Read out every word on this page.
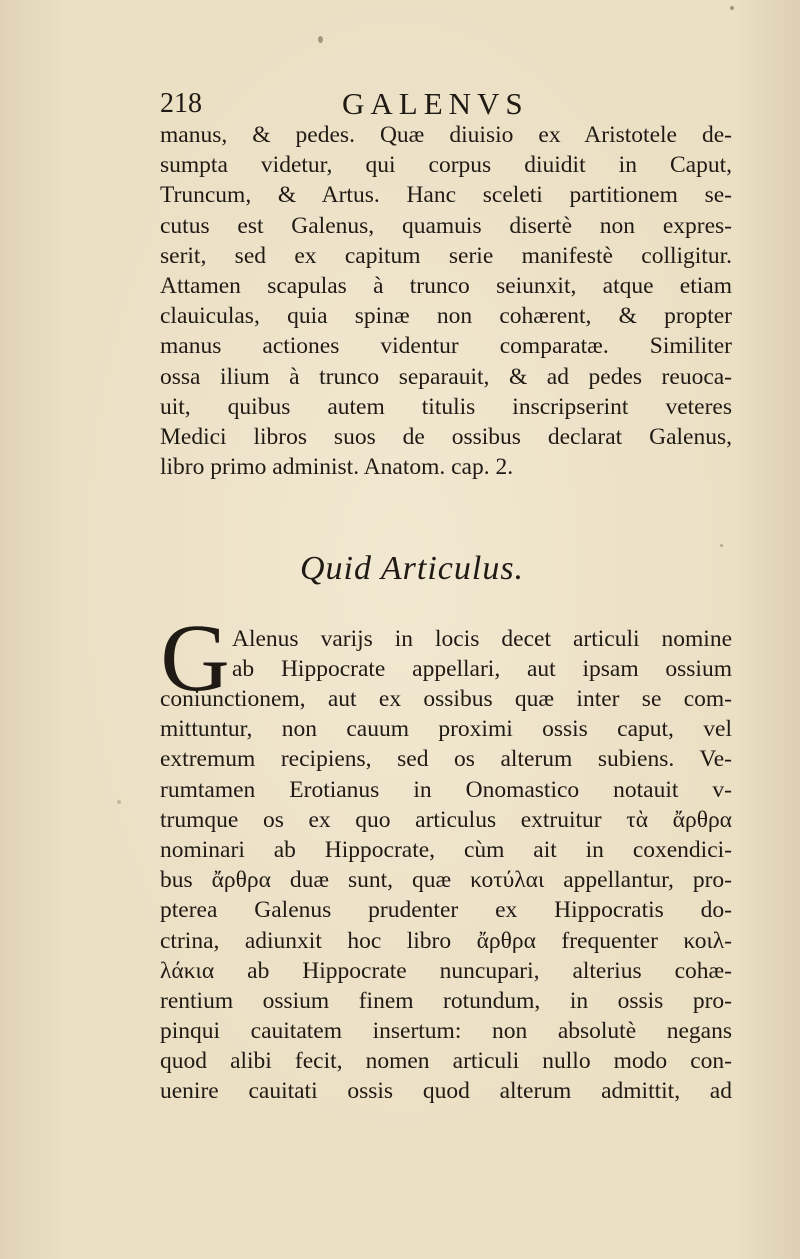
218	GALENVS
manus, & pedes. Quæ diuisio ex Aristotele de-
sumpta videtur, qui corpus diuidit in Caput,
Truncum, & Artus. Hanc sceleti partitionem se-
cutus est Galenus, quamuis disertè non expres-
serit, sed ex capitum serie manifestè colligitur.
Attamen scapulas à trunco seiunxit, atque etiam
clauiculas, quia spinæ non cohærent, & propter
manus actiones videntur comparatæ. Similiter
ossa ilium à trunco separauit, & ad pedes reuoca-
uit, quibus autem titulis inscripserint veteres
Medici libros suos de ossibus declarat Galenus,
libro primo administ. Anatom. cap. 2.
Quid Articulus.
G Alenus varijs in locis decet articuli nomine
ab Hippocrate appellari, aut ipsam ossium
coniunctionem, aut ex ossibus quæ inter se com-
mittuntur, non cauum proximi ossis caput, vel
extremum recipiens, sed os alterum subiens. Ve-
rumtamen Erotianus in Onomasticο notauit v-
trumque os ex quo articulus extruitur τὰ ἄρθρα
nominari ab Hippocrate, cùm ait in coxendici-
bus ἄρθρα duæ sunt, quæ κοτύλαι appellantur, pro-
pterea Galenus prudenter ex Hippocratis do-
ctrina, adiunxit hoc libro ἄρθρα frequenter κοιλ-
λάκια ab Hippocrate nuncupari, alterius cohæ-
rentium ossium finem rotundum, in ossis pro-
pinqui cauitatem insertum: non absolutè negans
quod alibi fecit, nomen articuli nullo modo con-
uenire cauitati ossis quod alterum admittit, ad
